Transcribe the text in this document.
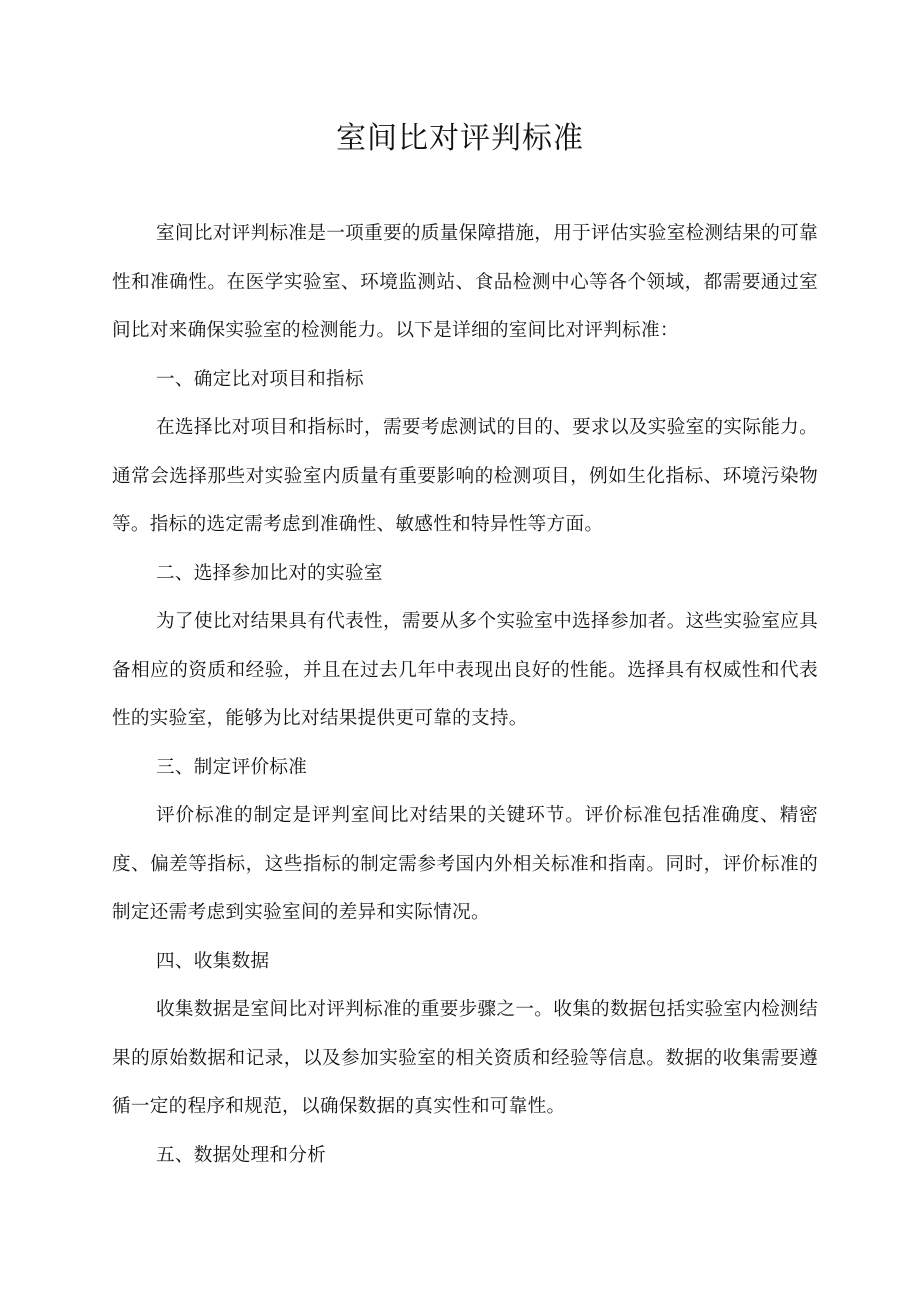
室间比对评判标准

室间比对评判标准是一项重要的质量保障措施，用于评估实验室检测结果的可靠性和准确性。在医学实验室、环境监测站、食品检测中心等各个领域，都需要通过室间比对来确保实验室的检测能力。以下是详细的室间比对评判标准：

一、确定比对项目和指标

在选择比对项目和指标时，需要考虑测试的目的、要求以及实验室的实际能力。通常会选择那些对实验室内质量有重要影响的检测项目，例如生化指标、环境污染物等。指标的选定需考虑到准确性、敏感性和特异性等方面。

二、选择参加比对的实验室

为了使比对结果具有代表性，需要从多个实验室中选择参加者。这些实验室应具备相应的资质和经验，并且在过去几年中表现出良好的性能。选择具有权威性和代表性的实验室，能够为比对结果提供更可靠的支持。

三、制定评价标准

评价标准的制定是评判室间比对结果的关键环节。评价标准包括准确度、精密度、偏差等指标，这些指标的制定需参考国内外相关标准和指南。同时，评价标准的制定还需考虑到实验室间的差异和实际情况。

四、收集数据

收集数据是室间比对评判标准的重要步骤之一。收集的数据包括实验室内检测结果的原始数据和记录，以及参加实验室的相关资质和经验等信息。数据的收集需要遵循一定的程序和规范，以确保数据的真实性和可靠性。

五、数据处理和分析
